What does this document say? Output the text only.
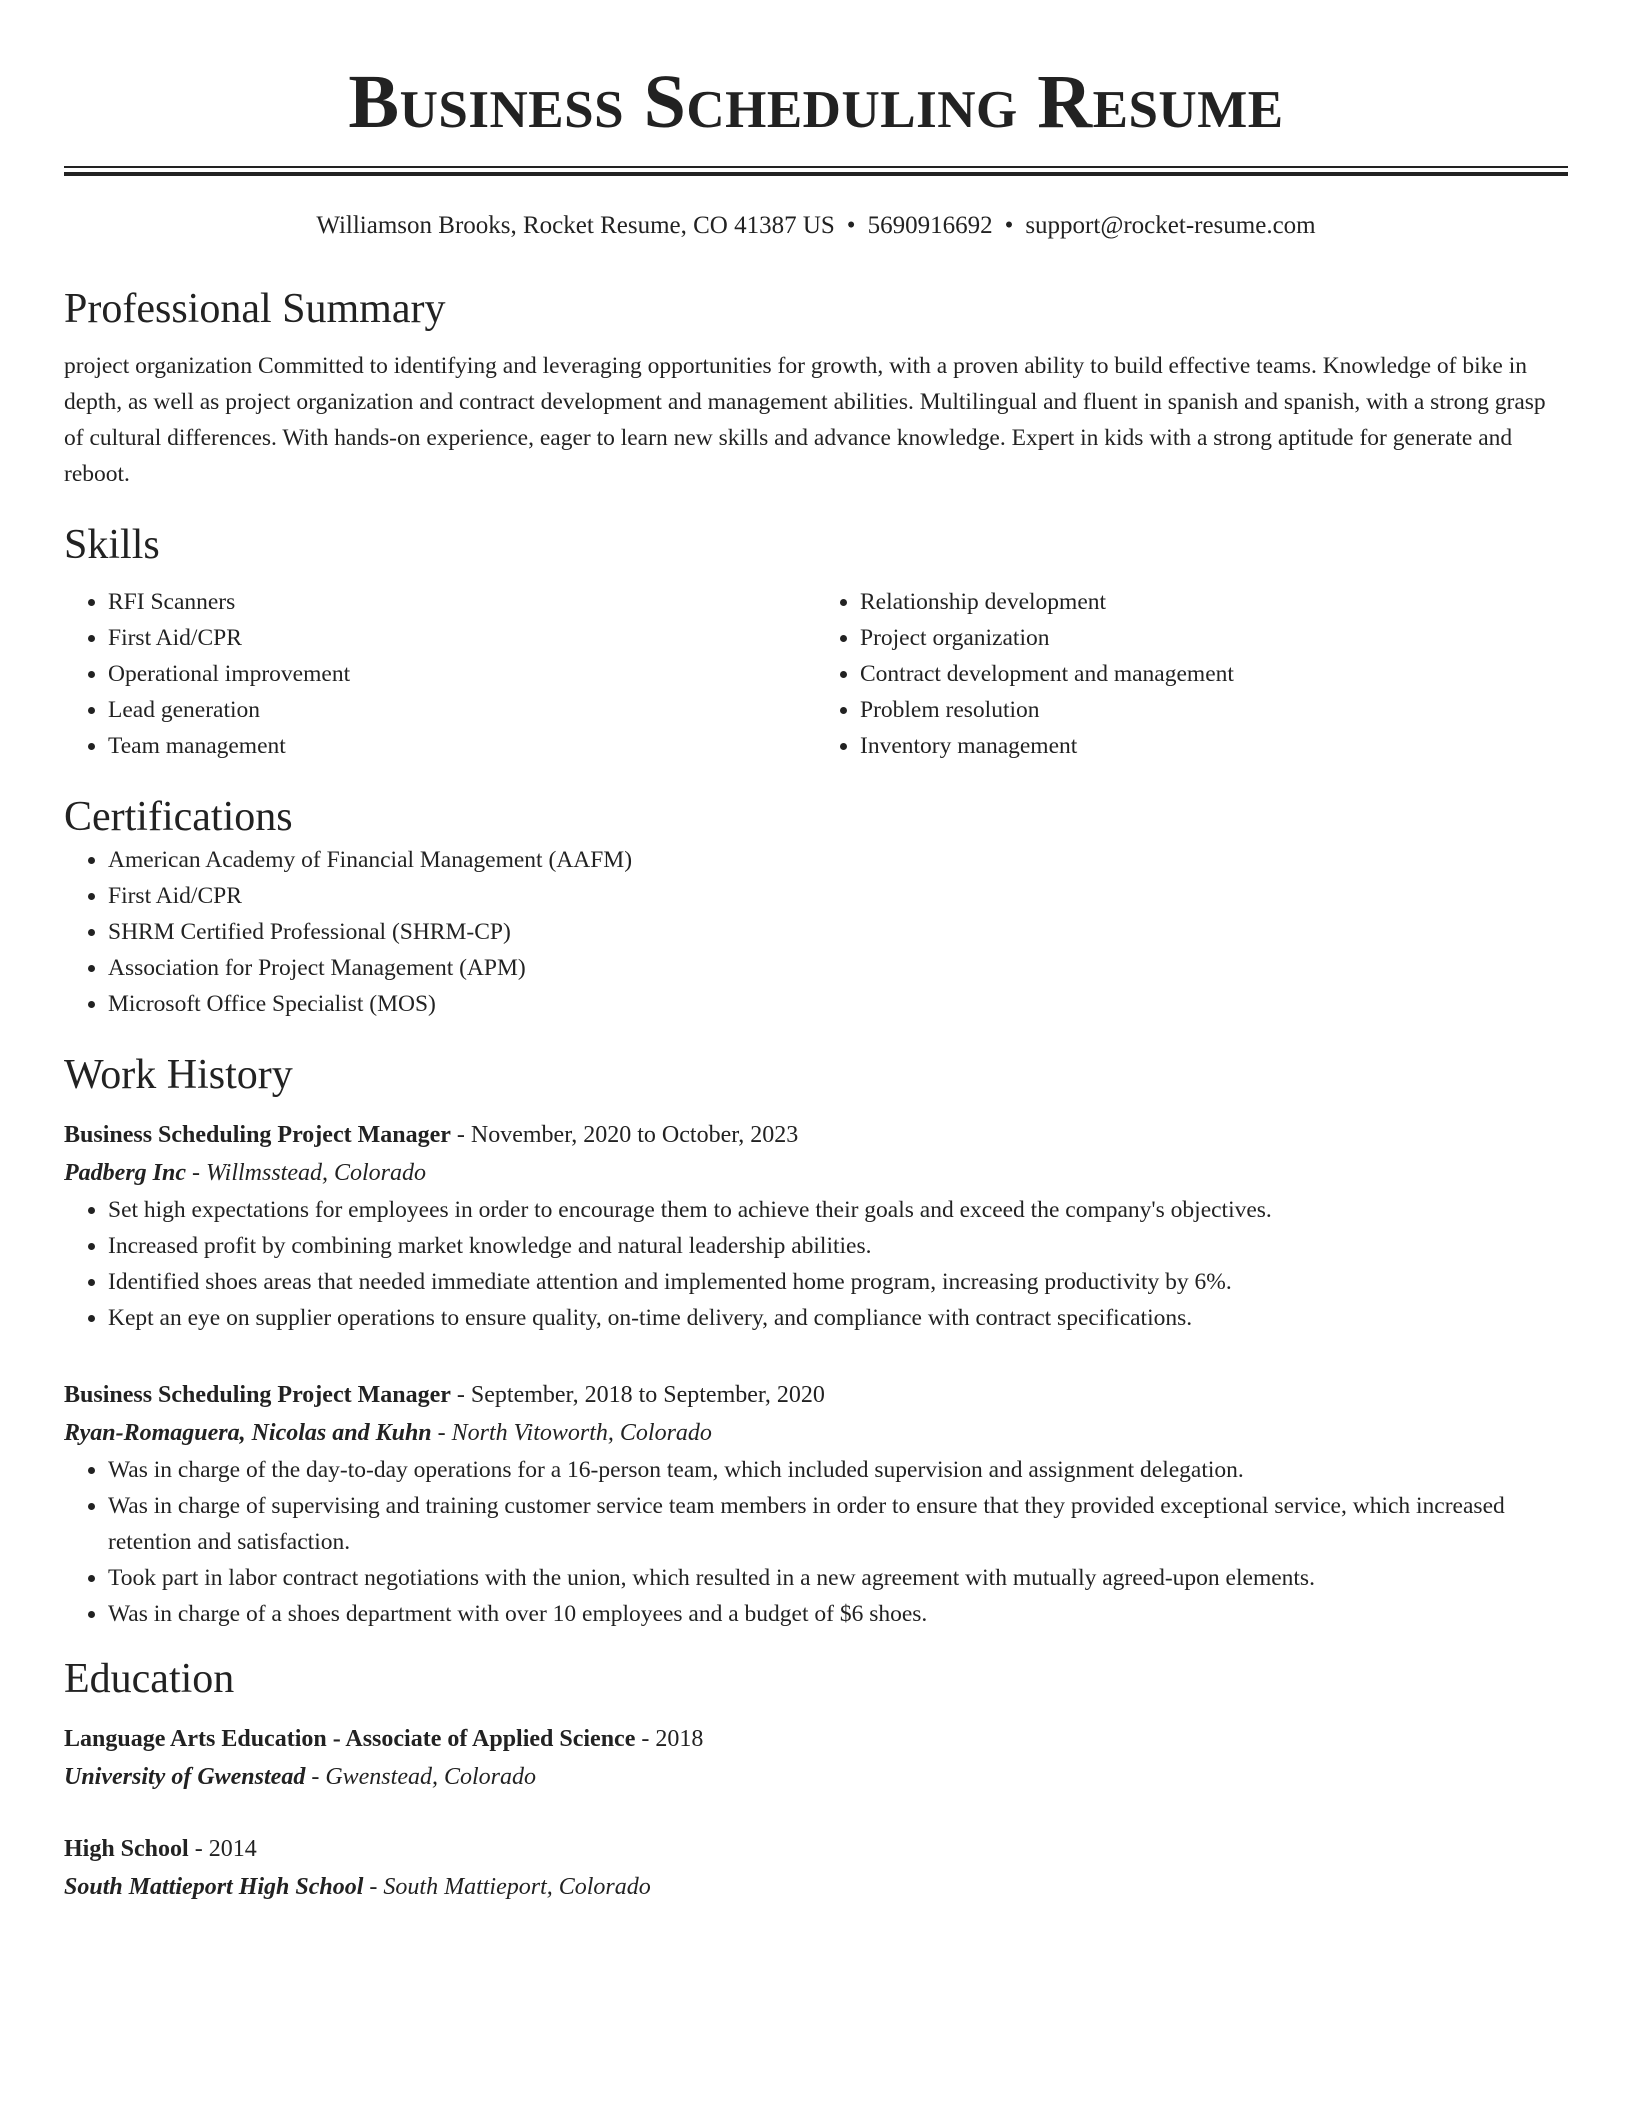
Business Scheduling Resume
Williamson Brooks, Rocket Resume, CO 41387 US • 5690916692 • support@rocket-resume.com
Professional Summary

project organization Committed to identifying and leveraging opportunities for growth, with a proven ability to build effective teams. Knowledge of bike in depth, as well as project organization and contract development and management abilities. Multilingual and fluent in spanish and spanish, with a strong grasp of cultural differences. With hands-on experience, eager to learn new skills and advance knowledge. Expert in kids with a strong aptitude for generate and reboot.

Skills
• RFI Scanners
• First Aid/CPR
• Operational improvement
• Lead generation
• Team management
• Relationship development
• Project organization
• Contract development and management
• Problem resolution
• Inventory management
Certifications
• American Academy of Financial Management (AAFM)
• First Aid/CPR
• SHRM Certified Professional (SHRM-CP)
• Association for Project Management (APM)
• Microsoft Office Specialist (MOS)
Work History
Business Scheduling Project Manager - November, 2020 to October, 2023
Padberg Inc - Willmsstead, Colorado
• Set high expectations for employees in order to encourage them to achieve their goals and exceed the company's objectives.
• Increased profit by combining market knowledge and natural leadership abilities.
• Identified shoes areas that needed immediate attention and implemented home program, increasing productivity by 6%.
• Kept an eye on supplier operations to ensure quality, on-time delivery, and compliance with contract specifications.
Business Scheduling Project Manager - September, 2018 to September, 2020
Ryan-Romaguera, Nicolas and Kuhn - North Vitoworth, Colorado
• Was in charge of the day-to-day operations for a 16-person team, which included supervision and assignment delegation.
• Was in charge of supervising and training customer service team members in order to ensure that they provided exceptional service, which increased retention and satisfaction.
• Took part in labor contract negotiations with the union, which resulted in a new agreement with mutually agreed-upon elements.
• Was in charge of a shoes department with over 10 employees and a budget of $6 shoes.
Education
Language Arts Education - Associate of Applied Science - 2018
University of Gwenstead - Gwenstead, Colorado
High School - 2014
South Mattieport High School - South Mattieport, Colorado
